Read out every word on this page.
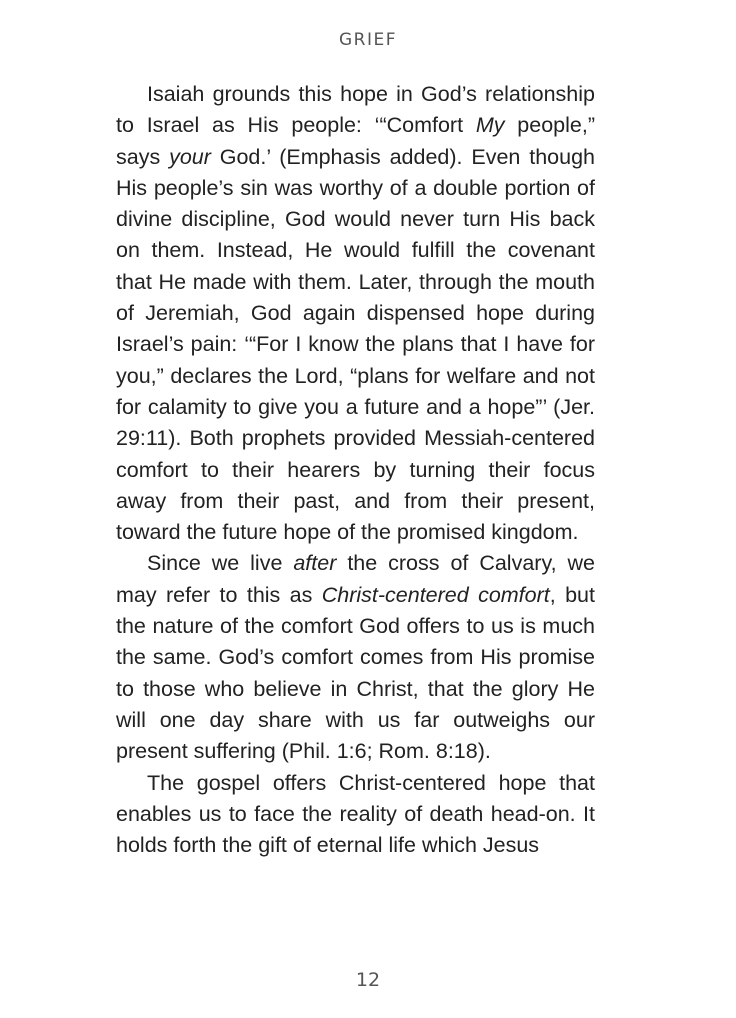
GRIEF

Isaiah grounds this hope in God’s relationship to Israel as His people: ‘“Comfort My people,” says your God.’ (Emphasis added). Even though His people’s sin was worthy of a double portion of divine discipline, God would never turn His back on them. Instead, He would fulfill the covenant that He made with them. Later, through the mouth of Jeremiah, God again dispensed hope during Israel’s pain: ‘“For I know the plans that I have for you,” declares the Lord, “plans for welfare and not for calamity to give you a future and a hope”’ (Jer. 29:11). Both prophets provided Messiah-centered comfort to their hearers by turning their focus away from their past, and from their present, toward the future hope of the promised kingdom.

Since we live after the cross of Calvary, we may refer to this as Christ-centered comfort, but the nature of the comfort God offers to us is much the same. God’s comfort comes from His promise to those who believe in Christ, that the glory He will one day share with us far outweighs our present suffering (Phil. 1:6; Rom. 8:18).

The gospel offers Christ-centered hope that enables us to face the reality of death head-on. It holds forth the gift of eternal life which Jesus

12
